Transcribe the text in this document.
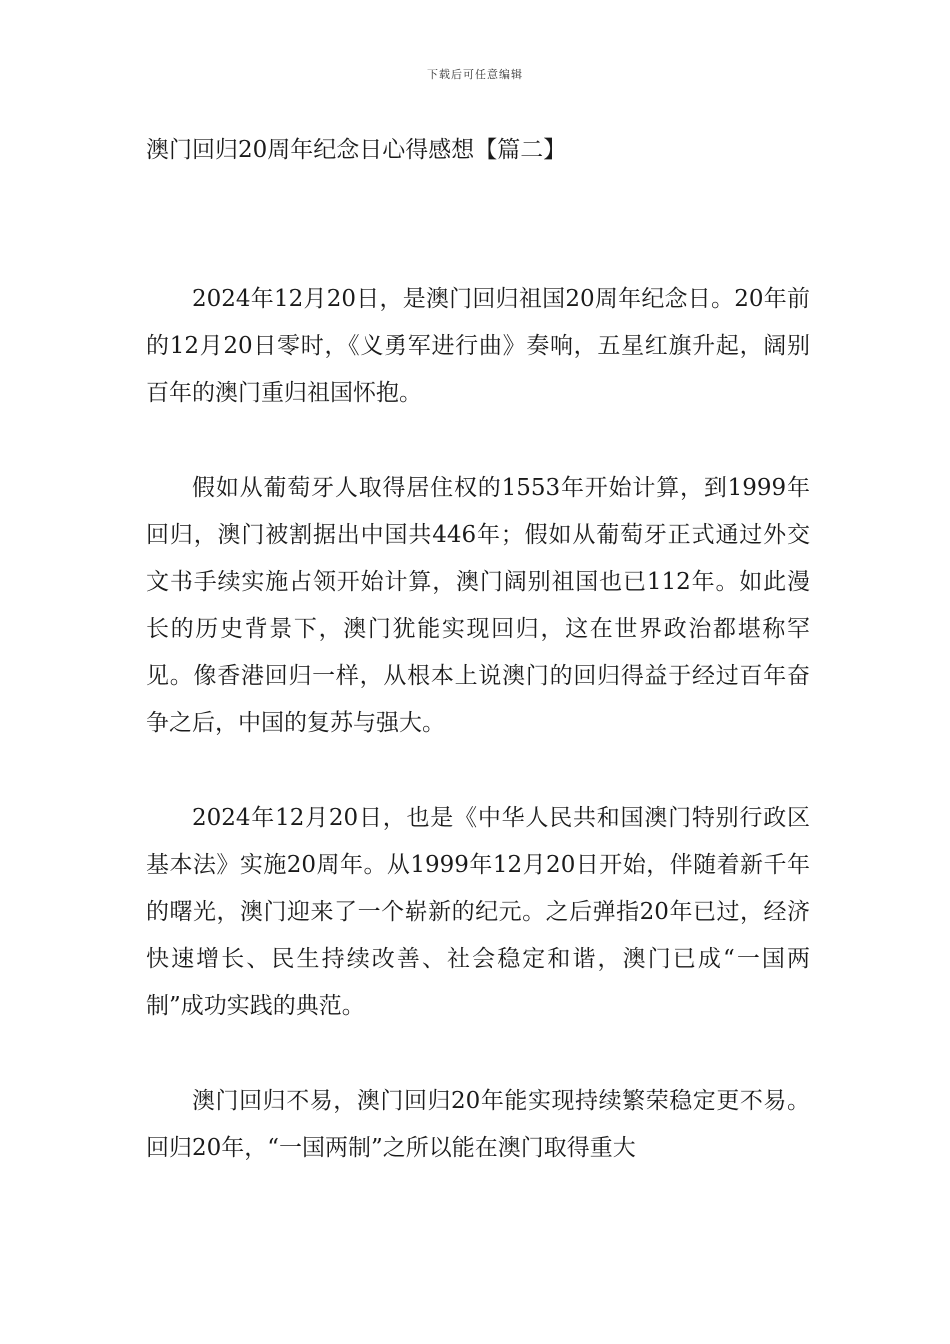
下载后可任意编辑
澳门回归20周年纪念日心得感想【篇二】

2024年12月20日，是澳门回归祖国20周年纪念日。20年前的12月20日零时，《义勇军进行曲》奏响，五星红旗升起，阔别百年的澳门重归祖国怀抱。

假如从葡萄牙人取得居住权的1553年开始计算，到1999年回归，澳门被割据出中国共446年；假如从葡萄牙正式通过外交文书手续实施占领开始计算，澳门阔别祖国也已112年。如此漫长的历史背景下，澳门犹能实现回归，这在世界政治都堪称罕见。像香港回归一样，从根本上说澳门的回归得益于经过百年奋争之后，中国的复苏与强大。

2024年12月20日，也是《中华人民共和国澳门特别行政区基本法》实施20周年。从1999年12月20日开始，伴随着新千年的曙光，澳门迎来了一个崭新的纪元。之后弹指20年已过，经济快速增长、民生持续改善、社会稳定和谐，澳门已成“一国两制”成功实践的典范。

澳门回归不易，澳门回归20年能实现持续繁荣稳定更不易。回归20年，“一国两制”之所以能在澳门取得重大
